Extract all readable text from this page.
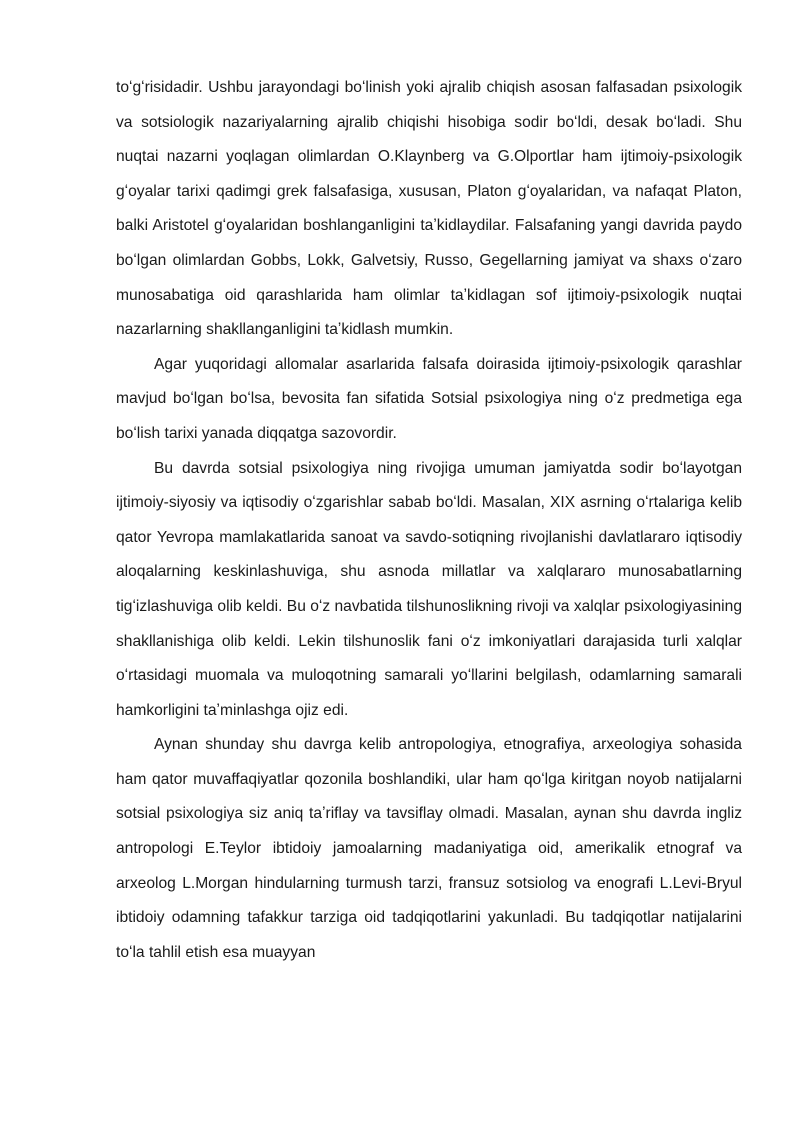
toʻgʻrisidadir. Ushbu jarayondagi boʻlinish yoki ajralib chiqish asosan falfasadan psixologik va sotsiologik nazariyalarning ajralib chiqishi hisobiga sodir boʻldi, desak boʻladi. Shu nuqtai nazarni yoqlagan olimlardan O.Klaynberg va G.Olportlar ham ijtimoiy-psixologik gʻoyalar tarixi qadimgi grek falsafasiga, xususan, Platon gʻoyalaridan, va nafaqat Platon, balki Aristotel gʻoyalaridan boshlanganligini taʼkidlaydilar. Falsafaning yangi davrida paydo boʻlgan olimlardan Gobbs, Lokk, Galvetsiy, Russo, Gegellarning jamiyat va shaxs oʻzaro munosabatiga oid qarashlarida ham olimlar taʼkidlagan sof ijtimoiy-psixologik nuqtai nazarlarning shakllanganligini taʼkidlash mumkin.

Agar yuqoridagi allomalar asarlarida falsafa doirasida ijtimoiy-psixologik qarashlar mavjud boʻlgan boʻlsa, bevosita fan sifatida Sotsial psixologiya ning oʻz predmetiga ega boʻlish tarixi yanada diqqatga sazovordir.

Bu davrda sotsial psixologiya ning rivojiga umuman jamiyatda sodir boʻlayotgan ijtimoiy-siyosiy va iqtisodiy oʻzgarishlar sabab boʻldi. Masalan, XIX asrning oʻrtalariga kelib qator Yevropa mamlakatlarida sanoat va savdo-sotiqning rivojlanishi davlatlararo iqtisodiy aloqalarning keskinlashuviga, shu asnoda millatlar va xalqlararo munosabatlarning tigʻizlashuviga olib keldi. Bu oʻz navbatida tilshunoslikning rivoji va xalqlar psixologiyasining shakllanishiga olib keldi. Lekin tilshunoslik fani oʻz imkoniyatlari darajasida turli xalqlar oʻrtasidagi muomala va muloqotning samarali yoʻllarini belgilash, odamlarning samarali hamkorligini taʼminlashga ojiz edi.

Aynan shunday shu davrga kelib antropologiya, etnografiya, arxeologiya sohasida ham qator muvaffaqiyatlar qozonila boshlandiki, ular ham qoʻlga kiritgan noyob natijalarni sotsial psixologiya siz aniq taʼriflay va tavsiflay olmadi. Masalan, aynan shu davrda ingliz antropologi E.Teylor ibtidoiy jamoalarning madaniyatiga oid, amerikalik etnograf va arxeolog L.Morgan hindularning turmush tarzi, fransuz sotsiolog va enografi L.Levi-Bryul ibtidoiy odamning tafakkur tarziga oid tadqiqotlarini yakunladi. Bu tadqiqotlar natijalarini toʻla tahlil etish esa muayyan
